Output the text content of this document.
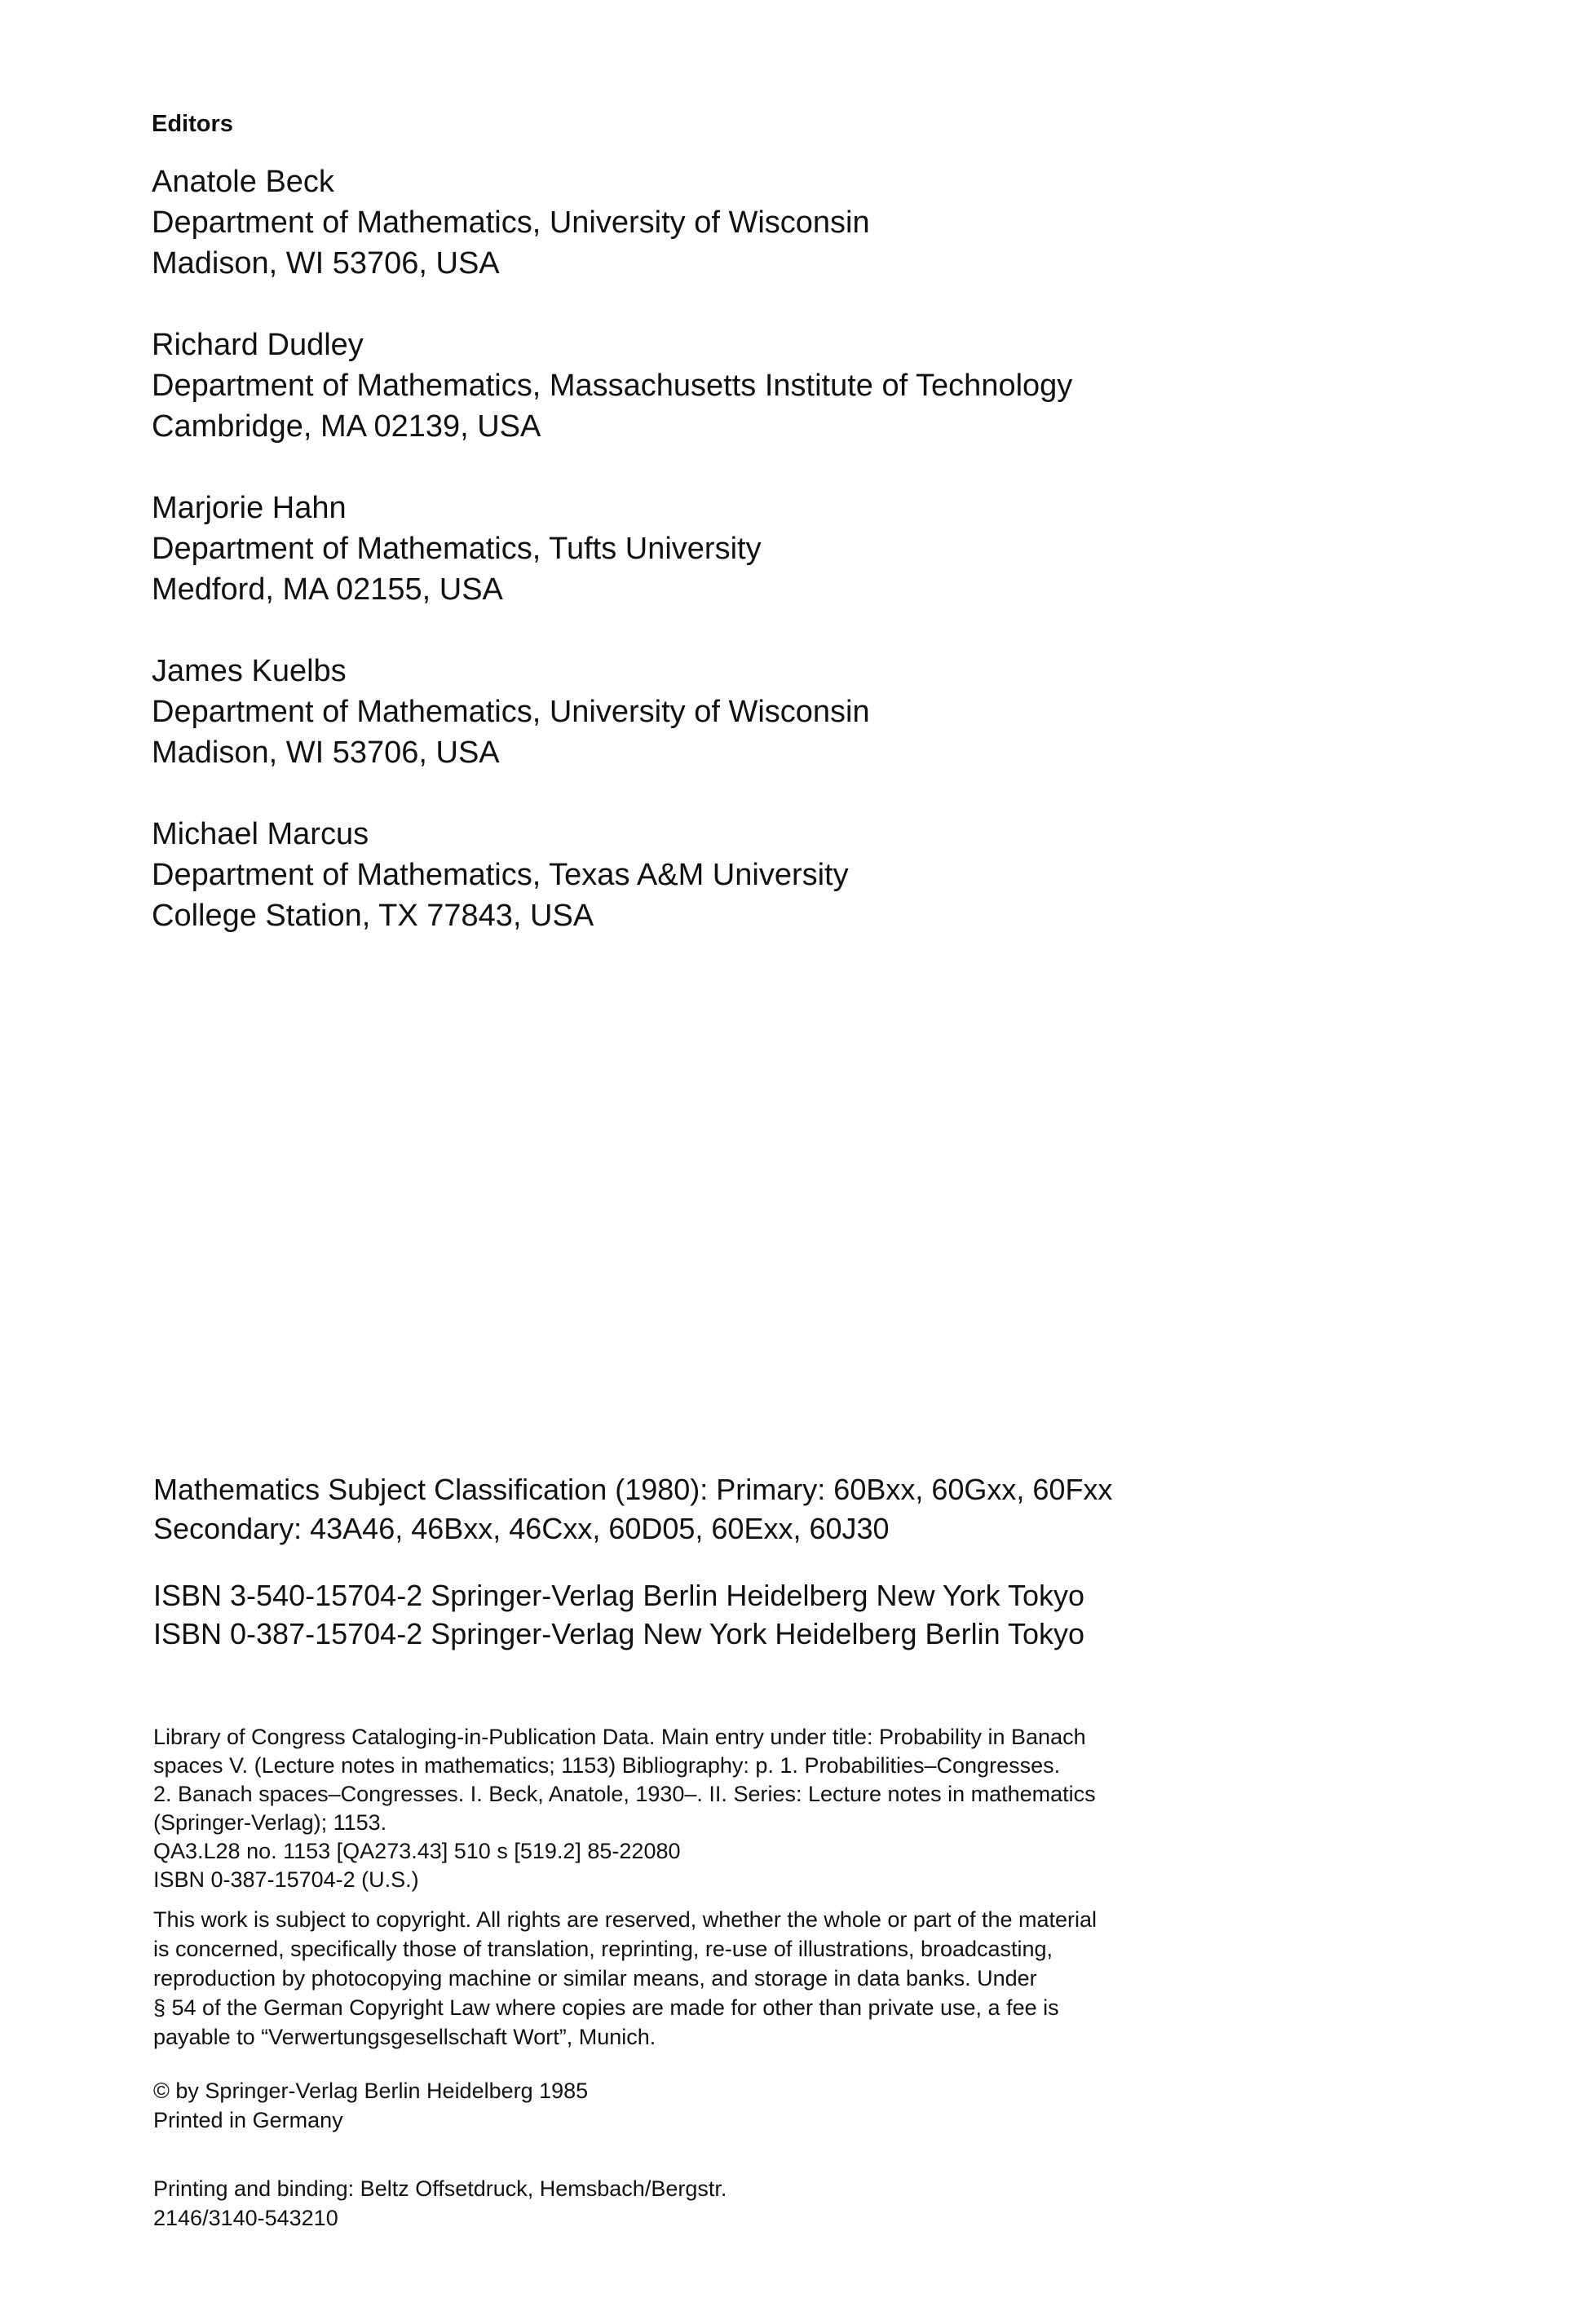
Editors
Anatole Beck
Department of Mathematics, University of Wisconsin
Madison, WI 53706, USA
Richard Dudley
Department of Mathematics, Massachusetts Institute of Technology
Cambridge, MA 02139, USA
Marjorie Hahn
Department of Mathematics, Tufts University
Medford, MA 02155, USA
James Kuelbs
Department of Mathematics, University of Wisconsin
Madison, WI 53706, USA
Michael Marcus
Department of Mathematics, Texas A&M University
College Station, TX 77843, USA
Mathematics Subject Classification (1980): Primary: 60Bxx, 60Gxx, 60Fxx
Secondary: 43A46, 46Bxx, 46Cxx, 60D05, 60Exx, 60J30
ISBN 3-540-15704-2 Springer-Verlag Berlin Heidelberg New York Tokyo
ISBN 0-387-15704-2 Springer-Verlag New York Heidelberg Berlin Tokyo
Library of Congress Cataloging-in-Publication Data. Main entry under title: Probability in Banach
spaces V. (Lecture notes in mathematics; 1153) Bibliography: p. 1. Probabilities–Congresses.
2. Banach spaces–Congresses. I. Beck, Anatole, 1930–. II. Series: Lecture notes in mathematics
(Springer-Verlag); 1153.
QA3.L28 no. 1153 [QA273.43] 510 s [519.2] 85-22080
ISBN 0-387-15704-2 (U.S.)
This work is subject to copyright. All rights are reserved, whether the whole or part of the material
is concerned, specifically those of translation, reprinting, re-use of illustrations, broadcasting,
reproduction by photocopying machine or similar means, and storage in data banks. Under
§ 54 of the German Copyright Law where copies are made for other than private use, a fee is
payable to “Verwertungsgesellschaft Wort”, Munich.
© by Springer-Verlag Berlin Heidelberg 1985
Printed in Germany
Printing and binding: Beltz Offsetdruck, Hemsbach/Bergstr.
2146/3140-543210
